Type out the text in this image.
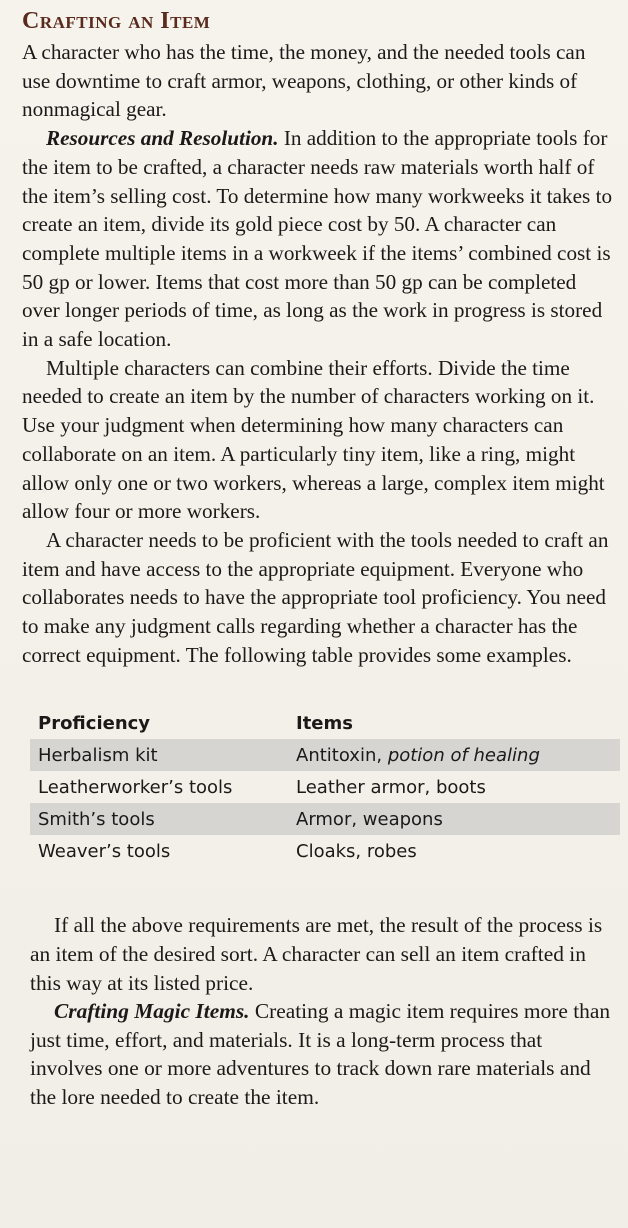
Crafting an Item

A character who has the time, the money, and the needed tools can use downtime to craft armor, weapons, clothing, or other kinds of nonmagical gear.

Resources and Resolution. In addition to the appropriate tools for the item to be crafted, a character needs raw materials worth half of the item’s selling cost. To determine how many workweeks it takes to create an item, divide its gold piece cost by 50. A character can complete multiple items in a workweek if the items’ combined cost is 50 gp or lower. Items that cost more than 50 gp can be completed over longer periods of time, as long as the work in progress is stored in a safe location.

Multiple characters can combine their efforts. Divide the time needed to create an item by the number of characters working on it. Use your judgment when determining how many characters can collaborate on an item. A particularly tiny item, like a ring, might allow only one or two workers, whereas a large, complex item might allow four or more workers.

A character needs to be proficient with the tools needed to craft an item and have access to the appropriate equipment. Everyone who collaborates needs to have the appropriate tool proficiency. You need to make any judgment calls regarding whether a character has the correct equipment. The following table provides some examples.

Proficiency	Items
Herbalism kit	Antitoxin, potion of healing
Leatherworker’s tools	Leather armor, boots
Smith’s tools	Armor, weapons
Weaver’s tools	Cloaks, robes

If all the above requirements are met, the result of the process is an item of the desired sort. A character can sell an item crafted in this way at its listed price.

Crafting Magic Items. Creating a magic item requires more than just time, effort, and materials. It is a long-term process that involves one or more adventures to track down rare materials and the lore needed to create the item.
